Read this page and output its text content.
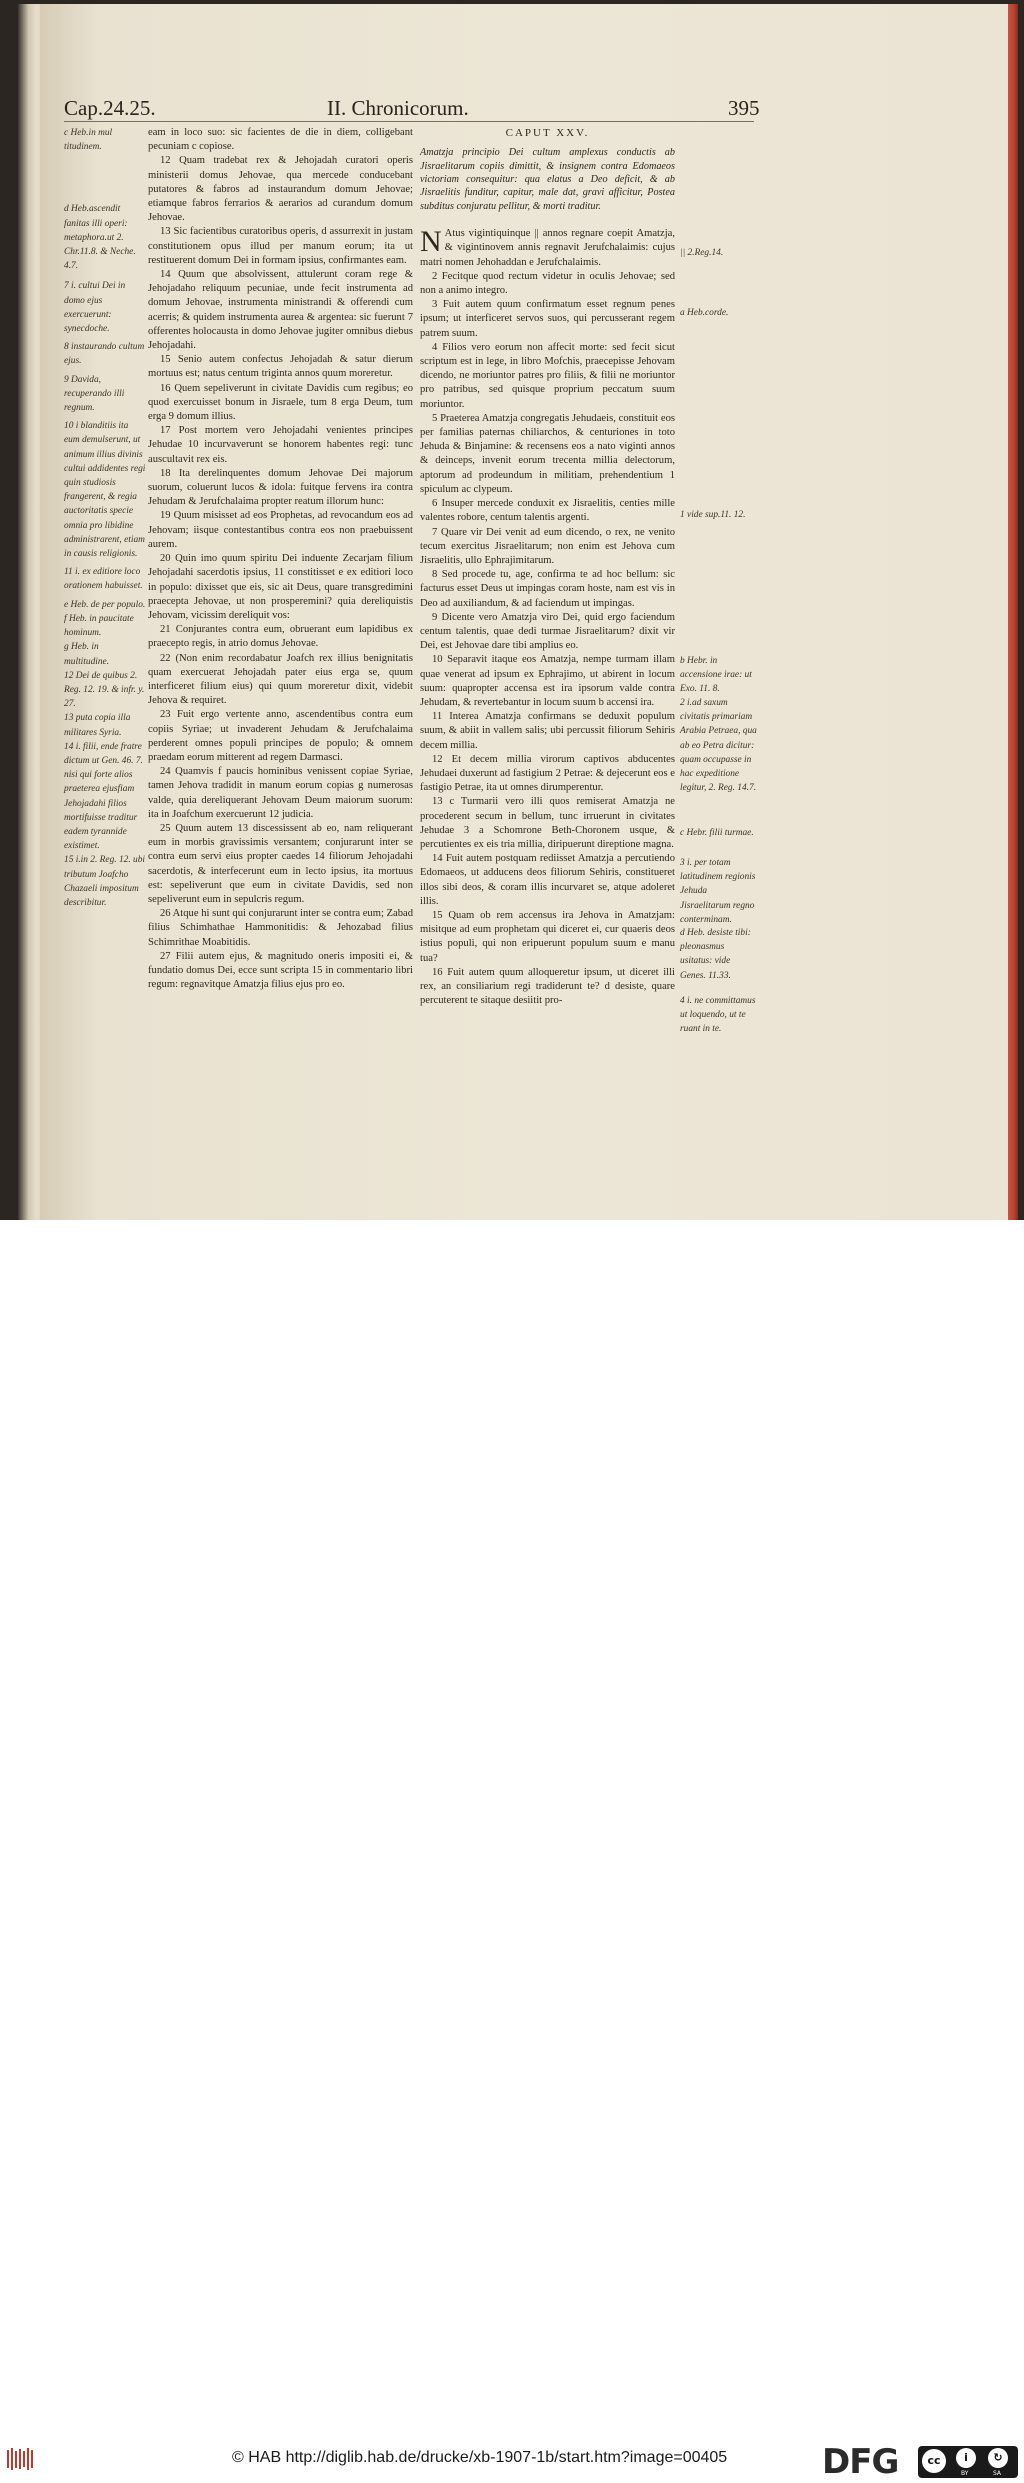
Cap.24.25.	II. Chronicorum.	395

c Heb.in mul titudinem.

d Heb.ascendit fanitas illi operi: metaphora.ut 2. Chr.11.8. & Neche. 4.7.

7 i. cultui Dei in domo ejus exercuerunt: synecdoche.

8 instaurando cultum ejus.

9 Davida, recuperando illi regnum.

10 i blanditiis ita eum demulserunt, ut animum illius divinis cultui addidentes regi

quin studiosis frangerent, & regia auctoritatis specie omnia pro libidine administrarent, etiam in causis religionis.

11 i. ex editiore loco orationem habuisset.

e Heb. de per populo.

f Heb. in paucitate hominum.

g Heb. in multitudine.

12 Dei de quibus 2. Reg. 12. 19. & infr. y. 27.

13 puta copia illa militares Syria.

14 i. filii, ende fratre dictum ut Gen. 46. 7.

nisi qui forte alios praeterea ejusfiam Jehojadahi filios mortifuisse traditur eadem tyrannide existimet.

15 i.in 2. Reg. 12. ubi tributum Joafcho Chazaeli impositum describitur.

eam in loco suo: sic facientes de die in diem, colligebant pecuniam c copiose.

12 Quam tradebat rex & Jehojadah curatori operis ministerii domus Jehovae, qua mercede conducebant putatores & fabros ad instaurandum domum Jehovae; etiamque fabros ferrarios & aerarios ad curandum domum Jehovae.

13 Sic facientibus curatoribus operis, d assurrexit in justam constitutionem opus illud per manum eorum; ita ut restituerent domum Dei in formam ipsius, confirmantes eam.

14 Quum que absolvissent, attulerunt coram rege & Jehojadaho reliquum pecuniae, unde fecit instrumenta ad domum Jehovae, instrumenta ministrandi & offerendi cum acerris; & quidem instrumenta aurea & argentea: sic fuerunt 7 offerentes holocausta in domo Jehovae jugiter omnibus diebus Jehojadahi.

15 Senio autem confectus Jehojadah & satur dierum mortuus est; natus centum triginta annos quum moreretur.

16 Quem sepeliverunt in civitate Davidis cum regibus; eo quod exercuisset bonum in Jisraele, tum 8 erga Deum, tum erga 9 domum illius.

17 Post mortem vero Jehojadahi venientes principes Jehudae 10 incurvaverunt se honorem habentes regi: tunc auscultavit rex eis.

18 Ita derelinquentes domum Jehovae Dei majorum suorum, coluerunt lucos & idola: fuitque fervens ira contra Jehudam & Jerufchalaima propter reatum illorum hunc:

19 Quum misisset ad eos Prophetas, ad revocandum eos ad Jehovam; iisque contestantibus contra eos non praebuissent aurem.

20 Quin imo quum spiritu Dei induente Zecarjam filium Jehojadahi sacerdotis ipsius, 11 constitisset e ex editiori loco in populo: dixisset que eis, sic ait Deus, quare transgredimini praecepta Jehovae, ut non prosperemini? quia dereliquistis Jehovam, vicissim dereliquit vos:

21 Conjurantes contra eum, obruerant eum lapidibus ex praecepto regis, in atrio domus Jehovae.

22 (Non enim recordabatur Joafch rex illius benignitatis quam exercuerat Jehojadah pater eius erga se, quum interficeret filium eius) qui quum moreretur dixit, videbit Jehova & requiret.

23 Fuit ergo vertente anno, ascendentibus contra eum copiis Syriae; ut invaderent Jehudam & Jerufchalaima perderent omnes populi principes de populo; & omnem praedam eorum mitterent ad regem Darmasci.

24 Quamvis f paucis hominibus venissent copiae Syriae, tamen Jehova tradidit in manum eorum copias g numerosas valde, quia dereliquerant Jehovam Deum maiorum suorum: ita in Joafchum exercuerunt 12 judicia.

25 Quum autem 13 discessissent ab eo, nam reliquerant eum in morbis gravissimis versantem; conjurarunt inter se contra eum servi eius propter caedes 14 filiorum Jehojadahi sacerdotis, & interfecerunt eum in lecto ipsius, ita mortuus est: sepeliverunt que eum in civitate Davidis, sed non sepeliverunt eum in sepulcris regum.

26 Atque hi sunt qui conjurarunt inter se contra eum; Zabad filius Schimhathae Hammonitidis: & Jehozabad filius Schimrithae Moabitidis.

27 Filii autem ejus, & magnitudo oneris impositi ei, & fundatio domus Dei, ecce sunt scripta 15 in commentario libri regum: regnavitque Amatzja filius ejus pro eo.

CAPUT XXV.

Amatzja principio Dei cultum amplexus conductis ab Jisraelitarum copiis dimittit, & insignem contra Edomaeos victoriam consequitur: qua elatus a Deo deficit, & ab Jisraelitis funditur, capitur, male dat, gravi afficitur, Postea subditus conjuratu pellitur, & morti traditur.

N Atus vigintiquinque || annos regnare coepit Amatzja, & vigintinovem annis regnavit Jerufchalaimis: cujus matri nomen Jehohaddan e Jerufchalaimis.

2 Fecitque quod rectum videtur in oculis Jehovae; sed non a animo integro.

3 Fuit autem quum confirmatum esset regnum penes ipsum; ut interficeret servos suos, qui percusserant regem patrem suum.

4 Filios vero eorum non affecit morte: sed fecit sicut scriptum est in lege, in libro Mofchis, praecepisse Jehovam dicendo, ne moriuntor patres pro filiis, & filii ne moriuntor pro patribus, sed quisque proprium peccatum suum moriuntor.

5 Praeterea Amatzja congregatis Jehudaeis, constituit eos per familias paternas chiliarchos, & centuriones in toto Jehuda & Binjamine: & recensens eos a nato viginti annos & deinceps, invenit eorum trecenta millia delectorum, aptorum ad prodeundum in militiam, prehendentium 1 spiculum ac clypeum.

6 Insuper mercede conduxit ex Jisraelitis, centies mille valentes robore, centum talentis argenti.

7 Quare vir Dei venit ad eum dicendo, o rex, ne venito tecum exercitus Jisraelitarum; non enim est Jehova cum Jisraelitis, ullo Ephrajimitarum.

8 Sed procede tu, age, confirma te ad hoc bellum: sic facturus esset Deus ut impingas coram hoste, nam est vis in Deo ad auxiliandum, & ad faciendum ut impingas.

9 Dicente vero Amatzja viro Dei, quid ergo faciendum centum talentis, quae dedi turmae Jisraelitarum? dixit vir Dei, est Jehovae dare tibi amplius eo.

10 Separavit itaque eos Amatzja, nempe turmam illam quae venerat ad ipsum ex Ephrajimo, ut abirent in locum suum: quapropter accensa est ira ipsorum valde contra Jehudam, & revertebantur in locum suum b accensi ira.

11 Interea Amatzja confirmans se deduxit populum suum, & abiit in vallem salis; ubi percussit filiorum Sehiris decem millia.

12 Et decem millia virorum captivos abducentes Jehudaei duxerunt ad fastigium 2 Petrae: & dejecerunt eos e fastigio Petrae, ita ut omnes dirumperentur.

13 c Turmarii vero illi quos remiserat Amatzja ne procederent secum in bellum, tunc irruerunt in civitates Jehudae 3 a Schomrone Beth-Choronem usque, & percutientes ex eis tria millia, diripuerunt direptione magna.

14 Fuit autem postquam rediisset Amatzja a percutiendo Edomaeos, ut adducens deos filiorum Sehiris, constitueret illos sibi deos, & coram illis incurvaret se, atque adoleret illis.

15 Quam ob rem accensus ira Jehova in Amatzjam: misitque ad eum prophetam qui diceret ei, cur quaeris deos istius populi, qui non eripuerunt populum suum e manu tua?

16 Fuit autem quum alloqueretur ipsum, ut diceret illi rex, an consiliarium regi tradiderunt te? d desiste, quare percuterent te sitaque desiitit pro-

|| 2.Reg.14.
a Heb.corde.
1 vide sup.11. 12.
b Hebr. in accensione irae: ut Exo. 11. 8.
2 i.ad saxum civitatis primariam Arabia Petraea, qua ab eo Petra dicitur: quam occupasse in hac expeditione legitur, 2. Reg. 14.7.
c Hebr. filii turmae.
3 i. per totam latitudinem regionis Jehuda Jisraelitarum regno conterminam.
d Heb. desiste tibi: pleonasmus usitatus: vide Genes. 11.33.
4 i. ne committamus ut loquendo, ut te ruant in te.
© HAB http://diglib.hab.de/drucke/xb-1907-1b/start.htm?image=00405	DFG	cc	i	↻
BY	SA
